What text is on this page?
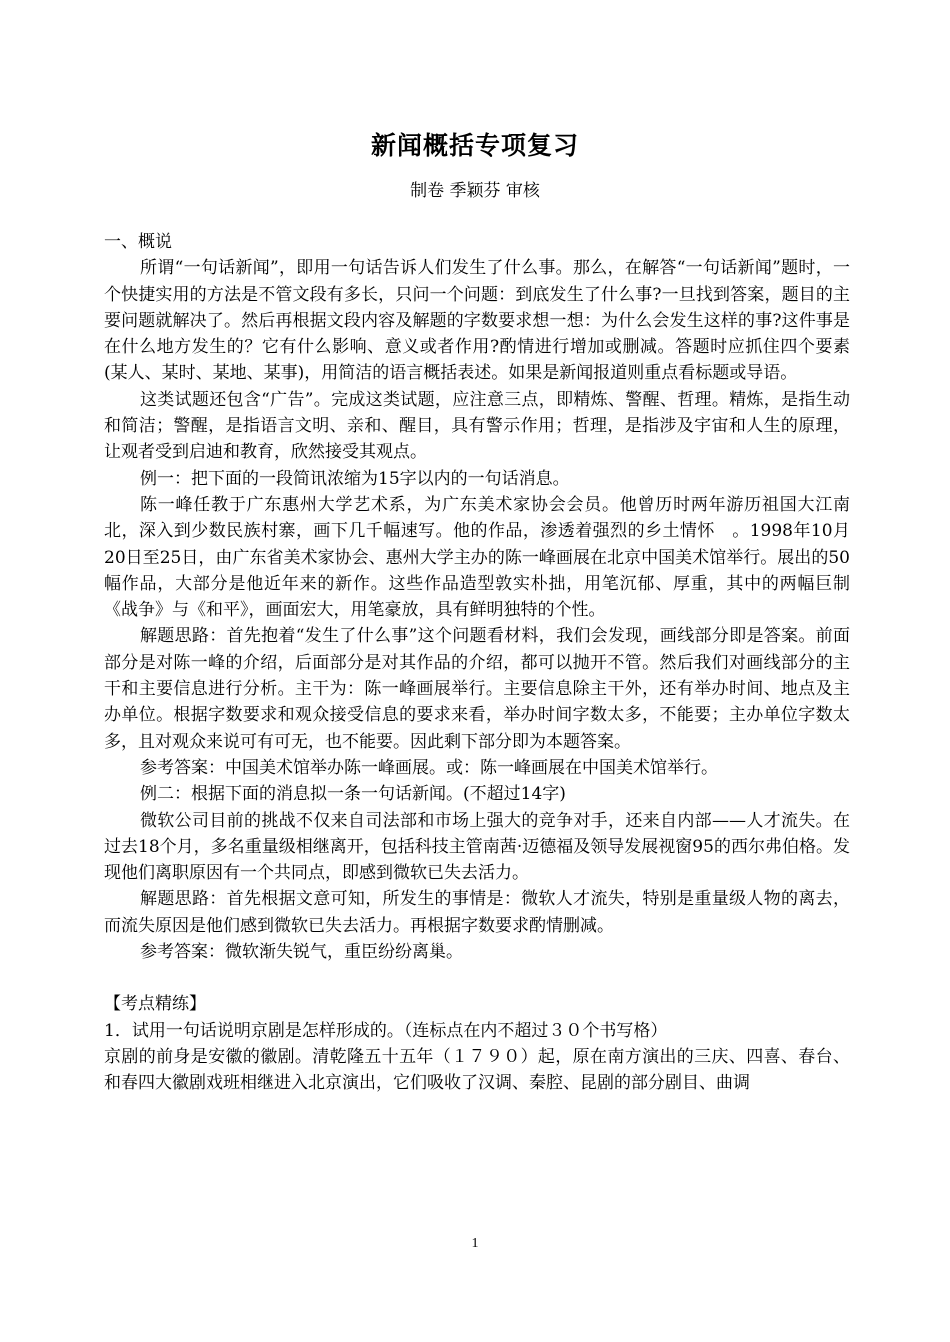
新闻概括专项复习
制卷 季颖芬 审核

一、概说

所谓“一句话新闻”，即用一句话告诉人们发生了什么事。那么，在解答“一句话新闻”题时，一个快捷实用的方法是不管文段有多长，只问一个问题：到底发生了什么事?一旦找到答案，题目的主要问题就解决了。然后再根据文段内容及解题的字数要求想一想：为什么会发生这样的事?这件事是在什么地方发生的？它有什么影响、意义或者作用?酌情进行增加或删减。答题时应抓住四个要素(某人、某时、某地、某事)，用简洁的语言概括表述。如果是新闻报道则重点看标题或导语。

这类试题还包含“广告”。完成这类试题，应注意三点，即精炼、警醒、哲理。精炼，是指生动和简洁；警醒，是指语言文明、亲和、醒目，具有警示作用；哲理，是指涉及宇宙和人生的原理，让观者受到启迪和教育，欣然接受其观点。

例一：把下面的一段简讯浓缩为15字以内的一句话消息。

陈一峰任教于广东惠州大学艺术系，为广东美术家协会会员。他曾历时两年游历祖国大江南北，深入到少数民族村寨，画下几千幅速写。他的作品，渗透着强烈的乡土情怀　。1998年10月20日至25日，由广东省美术家协会、惠州大学主办的陈一峰画展在北京中国美术馆举行。展出的50幅作品，大部分是他近年来的新作。这些作品造型敦实朴拙，用笔沉郁、厚重，其中的两幅巨制《战争》与《和平》，画面宏大，用笔豪放，具有鲜明独特的个性。

解题思路：首先抱着“发生了什么事”这个问题看材料，我们会发现，画线部分即是答案。前面部分是对陈一峰的介绍，后面部分是对其作品的介绍，都可以抛开不管。然后我们对画线部分的主干和主要信息进行分析。主干为：陈一峰画展举行。主要信息除主干外，还有举办时间、地点及主办单位。根据字数要求和观众接受信息的要求来看，举办时间字数太多，不能要；主办单位字数太多，且对观众来说可有可无，也不能要。因此剩下部分即为本题答案。

参考答案：中国美术馆举办陈一峰画展。或：陈一峰画展在中国美术馆举行。

例二：根据下面的消息拟一条一句话新闻。(不超过14字)

微软公司目前的挑战不仅来自司法部和市场上强大的竞争对手，还来自内部——人才流失。在过去18个月，多名重量级相继离开，包括科技主管南茜·迈德福及领导发展视窗95的西尔弗伯格。发现他们离职原因有一个共同点，即感到微软已失去活力。

解题思路：首先根据文意可知，所发生的事情是：微软人才流失，特别是重量级人物的离去，而流失原因是他们感到微软已失去活力。再根据字数要求酌情删减。

参考答案：微软渐失锐气，重臣纷纷离巢。

【考点精练】

1．试用一句话说明京剧是怎样形成的。（连标点在内不超过３０个书写格）

京剧的前身是安徽的徽剧。清乾隆五十五年（１７９０）起，原在南方演出的三庆、四喜、春台、和春四大徽剧戏班相继进入北京演出，它们吸收了汉调、秦腔、昆剧的部分剧目、曲调

1
